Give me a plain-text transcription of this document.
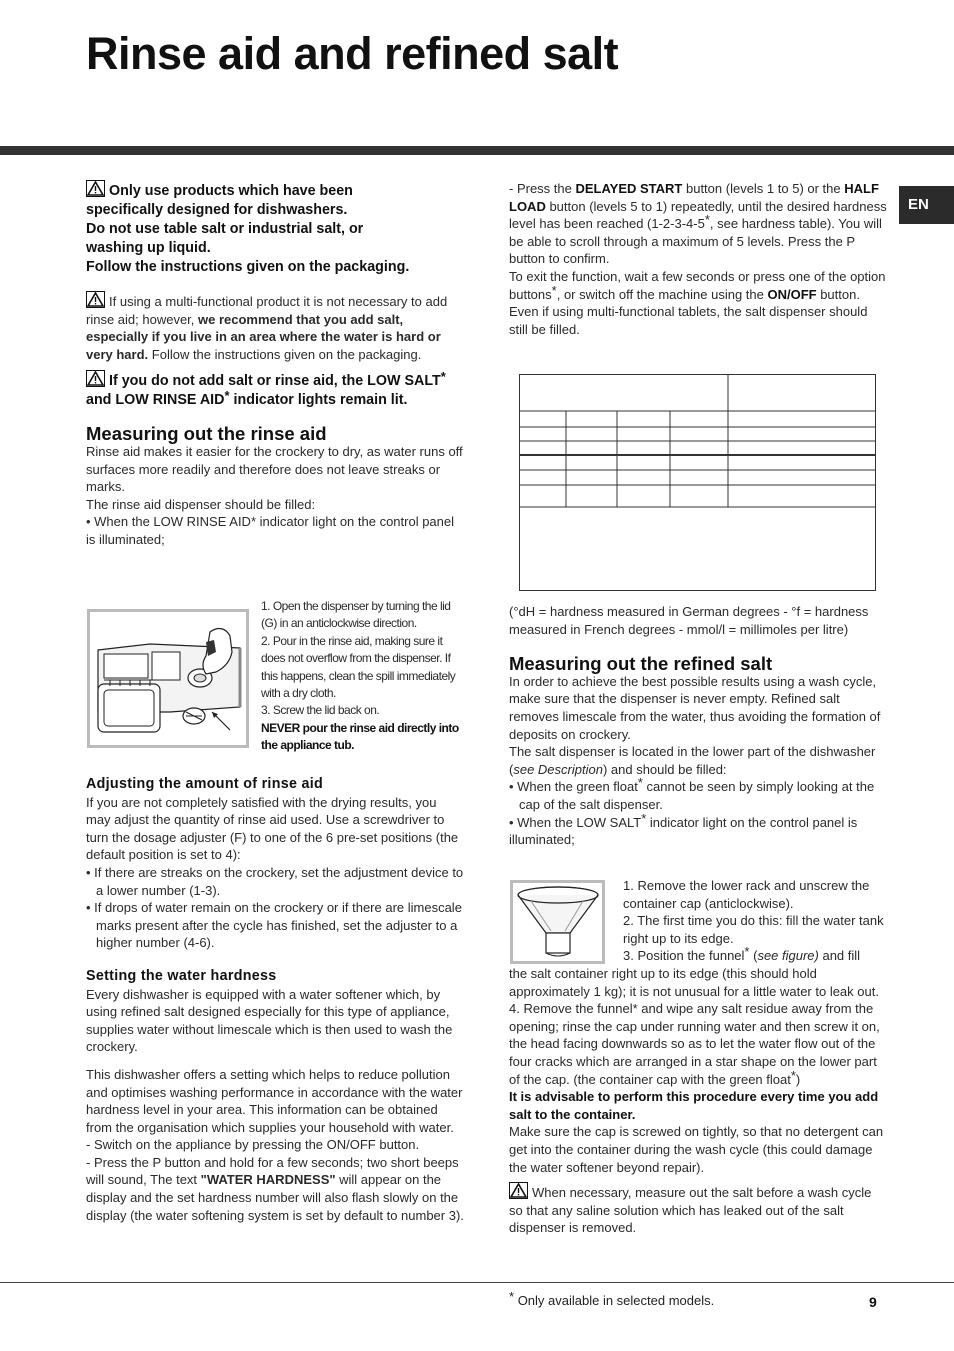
Rinse aid and refined salt
EN
Only use products which have been
specifically designed for dishwashers.
Do not use table salt or industrial salt, or
washing up liquid.
Follow the instructions given on the packaging.

If using a multi-functional product it is not necessary to add rinse aid; however, we recommend that you add salt, especially if you live in an area where the water is hard or very hard. Follow the instructions given on the packaging.

If you do not add salt or rinse aid, the LOW SALT* and LOW RINSE AID* indicator lights remain lit.

Measuring out the rinse aid

Rinse aid makes it easier for the crockery to dry, as water runs off surfaces more readily and therefore does not leave streaks or marks.

The rinse aid dispenser should be filled:

• When the LOW RINSE AID* indicator light on the control panel is illuminated;

1. Open the dispenser by turning the lid (G) in an anticlockwise direction.

2. Pour in the rinse aid, making sure it does not overflow from the dispenser. If this happens, clean the spill immediately with a dry cloth.

3. Screw the lid back on.

NEVER pour the rinse aid directly into the appliance tub.

Adjusting the amount of rinse aid

If you are not completely satisfied with the drying results, you may adjust the quantity of rinse aid used. Use a screwdriver to turn the dosage adjuster (F) to one of the 6 pre-set positions (the default position is set to 4):

• If there are streaks on the crockery, set the adjustment device to a lower number (1-3).

• If drops of water remain on the crockery or if there are limescale marks present after the cycle has finished, set the adjuster to a higher number (4-6).

Setting the water hardness

Every dishwasher is equipped with a water softener which, by using refined salt designed especially for this type of appliance, supplies water without limescale which is then used to wash the crockery.

This dishwasher offers a setting which helps to reduce pollution and optimises washing performance in accordance with the water hardness level in your area. This information can be obtained from the organisation which supplies your household with water.

- Switch on the appliance by pressing the ON/OFF button.

- Press the P button and hold for a few seconds; two short beeps will sound, The text "WATER HARDNESS" will appear on the display and the set hardness number will also flash slowly on the display (the water softening system is set by default to number 3).

- Press the DELAYED START button (levels 1 to 5) or the HALF LOAD button (levels 5 to 1) repeatedly, until the desired hardness level has been reached (1-2-3-4-5*, see hardness table). You will be able to scroll through a maximum of 5 levels. Press the P button to confirm.

To exit the function, wait a few seconds or press one of the option buttons*, or switch off the machine using the ON/OFF button.

Even if using multi-functional tablets, the salt dispenser should still be filled.

(°dH = hardness measured in German degrees - °f = hardness measured in French degrees - mmol/l = millimoles per litre)

Measuring out the refined salt

In order to achieve the best possible results using a wash cycle, make sure that the dispenser is never empty. Refined salt removes limescale from the water, thus avoiding the formation of deposits on crockery.

The salt dispenser is located in the lower part of the dishwasher (see Description) and should be filled:

• When the green float* cannot be seen by simply looking at the cap of the salt dispenser.

• When the LOW SALT* indicator light on the control panel is illuminated;

1. Remove the lower rack and unscrew the container cap (anticlockwise).

2. The first time you do this: fill the water tank right up to its edge.

3. Position the funnel* (see figure) and fill

the salt container right up to its edge (this should hold approximately 1 kg); it is not unusual for a little water to leak out.

4. Remove the funnel* and wipe any salt residue away from the opening; rinse the cap under running water and then screw it on, the head facing downwards so as to let the water flow out of the four cracks which are arranged in a star shape on the lower part of the cap. (the container cap with the green float*)

It is advisable to perform this procedure every time you add salt to the container.

Make sure the cap is screwed on tightly, so that no detergent can get into the container during the wash cycle (this could damage the water softener beyond repair).

When necessary, measure out the salt before a wash cycle so that any saline solution which has leaked out of the salt dispenser is removed.

* Only available in selected models.	9
